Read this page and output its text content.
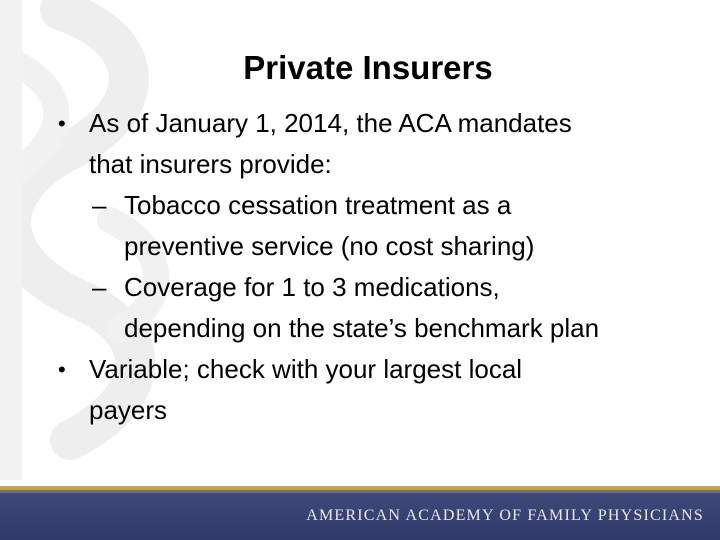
Private Insurers
• As of January 1, 2014, the ACA mandates
that insurers provide:
– Tobacco cessation treatment as a
preventive service (no cost sharing)
– Coverage for 1 to 3 medications,
depending on the state’s benchmark plan
• Variable; check with your largest local
payers
AMERICAN ACADEMY OF FAMILY PHYSICIANS
